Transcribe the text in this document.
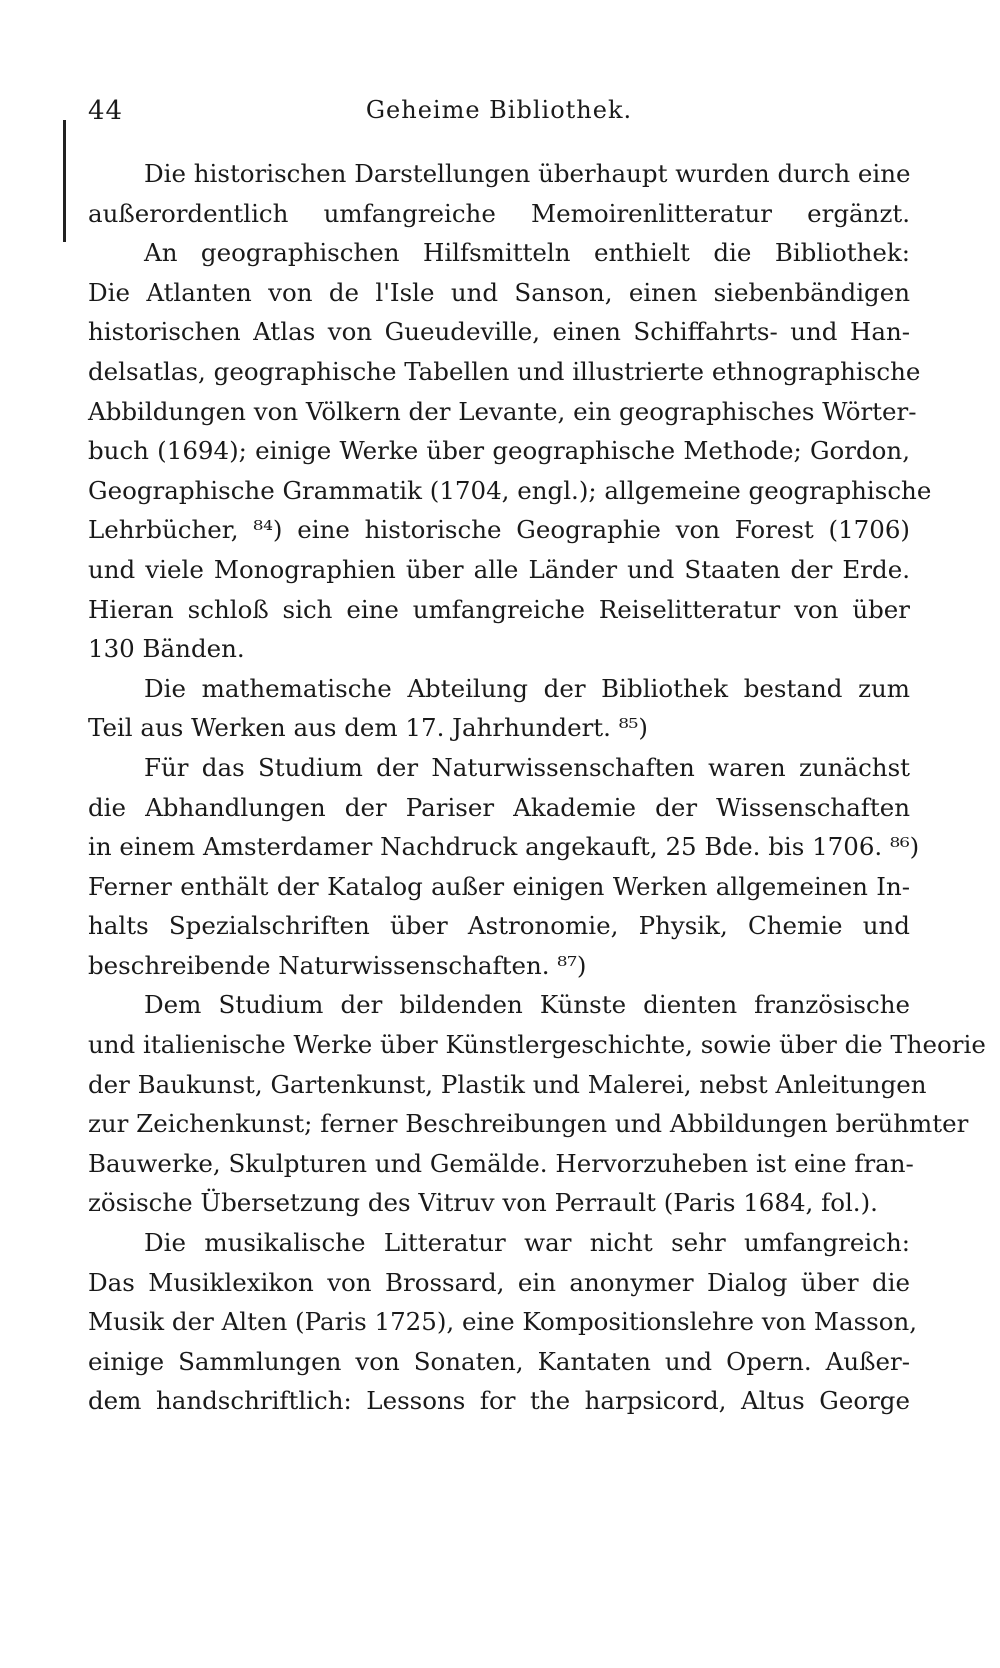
44	Geheime Bibliothek.
Die historischen Darstellungen überhaupt wurden durch eine
außerordentlich umfangreiche Memoirenlitteratur ergänzt.
An geographischen Hilfsmitteln enthielt die Bibliothek:
Die Atlanten von de l'Isle und Sanson, einen siebenbändigen
historischen Atlas von Gueudeville, einen Schiffahrts- und Han-
delsatlas, geographische Tabellen und illustrierte ethnographische
Abbildungen von Völkern der Levante, ein geographisches Wörter-
buch (1694); einige Werke über geographische Methode; Gordon,
Geographische Grammatik (1704, engl.); allgemeine geographische
Lehrbücher, ⁸⁴) eine historische Geographie von Forest (1706)
und viele Monographien über alle Länder und Staaten der Erde.
Hieran schloß sich eine umfangreiche Reiselitteratur von über
130 Bänden.
Die mathematische Abteilung der Bibliothek bestand zum
Teil aus Werken aus dem 17. Jahrhundert. ⁸⁵)
Für das Studium der Naturwissenschaften waren zunächst
die Abhandlungen der Pariser Akademie der Wissenschaften
in einem Amsterdamer Nachdruck angekauft, 25 Bde. bis 1706. ⁸⁶)
Ferner enthält der Katalog außer einigen Werken allgemeinen In-
halts Spezialschriften über Astronomie, Physik, Chemie und
beschreibende Naturwissenschaften. ⁸⁷)
Dem Studium der bildenden Künste dienten französische
und italienische Werke über Künstlergeschichte, sowie über die Theorie
der Baukunst, Gartenkunst, Plastik und Malerei, nebst Anleitungen
zur Zeichenkunst; ferner Beschreibungen und Abbildungen berühmter
Bauwerke, Skulpturen und Gemälde. Hervorzuheben ist eine fran-
zösische Übersetzung des Vitruv von Perrault (Paris 1684, fol.).
Die musikalische Litteratur war nicht sehr umfangreich:
Das Musiklexikon von Brossard, ein anonymer Dialog über die
Musik der Alten (Paris 1725), eine Kompositionslehre von Masson,
einige Sammlungen von Sonaten, Kantaten und Opern. Außer-
dem handschriftlich: Lessons for the harpsicord, Altus George
